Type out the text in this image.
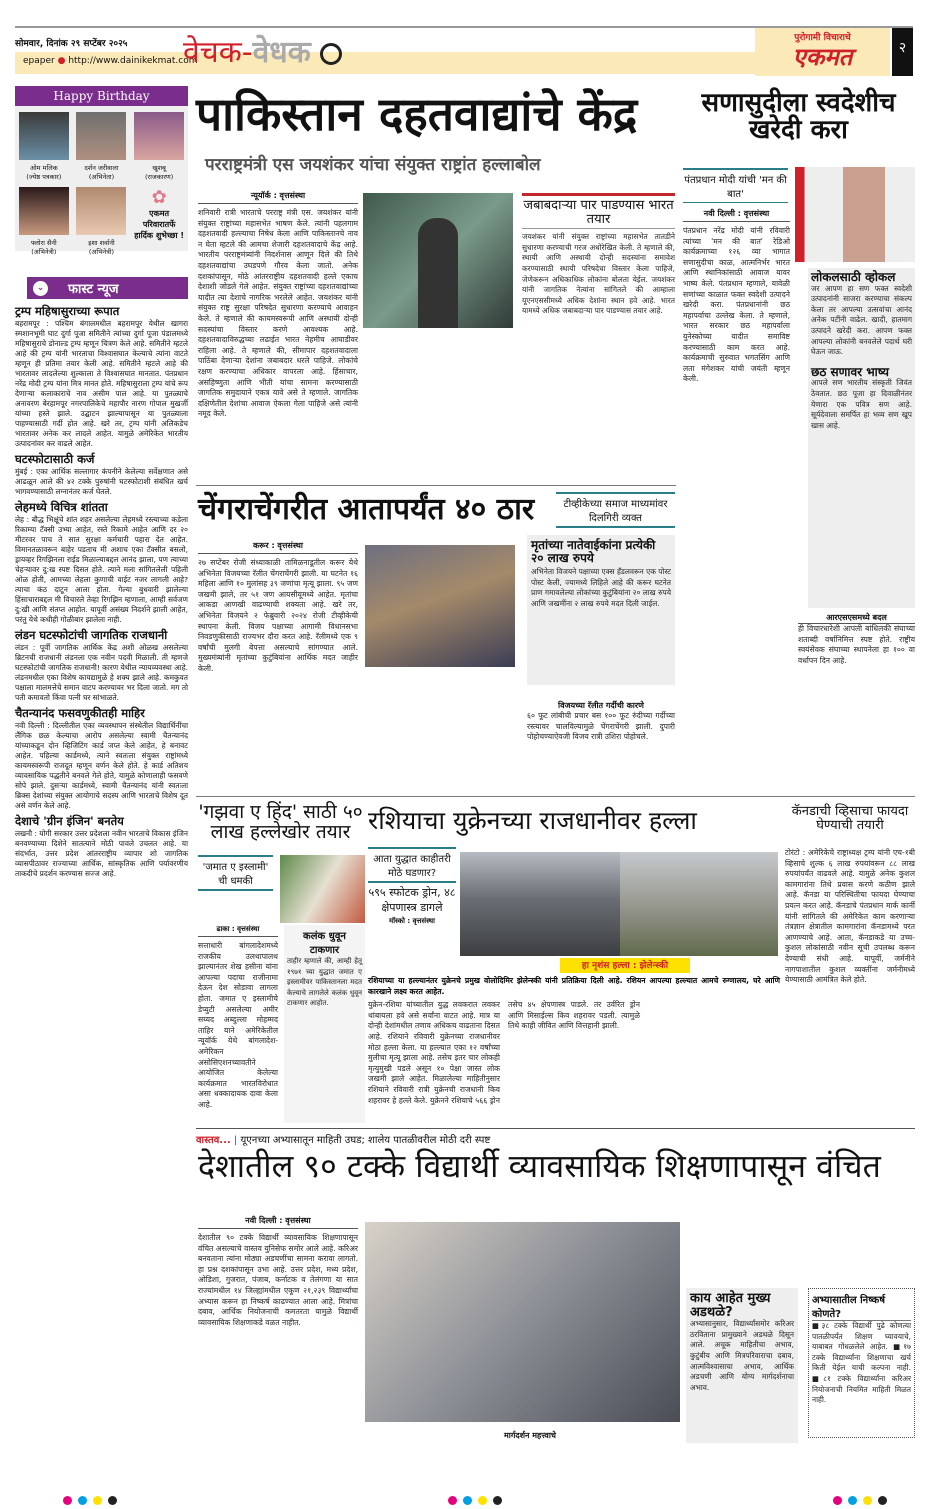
सोमवार, दिनांक २९ सप्टेंबर २०२५
epaper ● http://www.dainikekmat.com
वेचक-वेधक	पुरोगामी विचाराचे
एकमत	२
Happy Birthday
ओम मलिक
(ज्येष्ठ पत्रकार)
दर्शन जरीवाला
(अभिनेता)
खुशबू
(राजकारण)
फ्लोरा सैनी
(अभिनेत्री)
इशा शर्वानी
(अभिनेत्री)
✿
एकमत परिवारातर्फे हार्दिक शुभेच्छा !
⌄ फास्ट न्यूज
ट्रम्प महिषासुराच्या रूपात
बहरामपूर : पश्चिम बंगालमधील बहरामपूर येथील खागरा स्मशानभूमी घाट दुर्गा पूजा समितीने त्यांच्या दुर्गा पूजा पंडालमध्ये महिषासुराचे डोनाल्ड ट्रम्प म्हणून चित्रण केले आहे. समितीने म्हटले आहे की ट्रम्प यांनी भारताचा विश्वासघात केल्याचे त्यांना वाटते म्हणून ही प्रतिमा तयार केली आहे. समितीने म्हटले आहे की भारतावर लादलेल्या शुल्काला ते विश्वासघात मानतात. पंतप्रधान नरेंद्र मोदी ट्रम्प यांना मित्र मानत होते. महिषासुराला ट्रम्प यांचे रूप देणाऱ्या कलाकाराचे नाव असीम पाल आहे. या पुतळ्याचे अनावरण बेरहामपूर नगरपालिकेचे महापौर नारण गोपाल मुखर्जी यांच्या हस्ते झाले. उद्घाटन झाल्यापासून या पुतळ्याला पाहण्यासाठी गर्दी होत आहे. खरे तर, ट्रम्प यांनी अलिकडेच भारतावर अनेक कर लादले आहेत. यामुळे अमेरिकेत भारतीय उत्पादनांवर कर वाढले आहेत.
घटस्फोटासाठी कर्ज
मुंबई : एका आर्थिक सल्लागार कंपनीने केलेल्या सर्वेक्षणात असे आढळून आले की ४२ टक्के पुरुषांनी घटस्फोटाशी संबंधित खर्च भागवण्यासाठी लग्नानंतर कर्ज घेतले.
लेहमध्ये विचित्र शांतता
लेह : बौद्ध भिक्षूंचे शांत शहर असलेल्या लेहमध्ये रस्त्याच्या कडेला रिकाम्या टॅक्सी उभ्या आहेत, रस्ते रिकामे आहेत आणि दर २० मीटरवर पाच ते सात सुरक्षा कर्मचारी पहारा देत आहेत. विमानतळावरून बाहेर पडताच मी अशाच एका टॅक्सीत बसलो, ड्रायव्हर रिगझिनला राईड मिळाल्याबद्दल आनंद झाला, पण त्याच्या चेहऱ्यावर दु:ख स्पष्ट दिसत होते. त्याने मला सांगितलेली पहिली ओळ होती, आमच्या लेहला कुणाची वाईट नजर लागली आहे? त्याचा कंठ दाटून आला होता. गेल्या बुधवारी झालेल्या हिंसाचाराबद्दल मी विचारले तेव्हा रिगझिन म्हणाला, आम्ही सर्वजण दु:खी आणि संतप्त आहोत. यापूर्वी असंख्य निदर्शने झाली आहेत, परंतु येथे कधीही गोळीबार झालेला नाही.
लंडन घटस्फोटांची जागतिक राजधानी
लंडन : पूर्वी जागतिक आर्थिक केंद्र अशी ओळख असलेल्या ब्रिटनची राजधानी लंडनला एक नवीन पदवी मिळाली. ती म्हणजे घटस्फोटांची जागतिक राजधानी! कारण येथील न्यायव्यवस्था आहे. लंडनमधील एका विशेष कायद्यामुळे हे शक्य झाले आहे. कमकुवत पक्षाला मालमत्तेचे समान वाटप करण्यावर भर दिला जातो. मग तो पती कमावतो किंवा पत्नी घर सांभाळते.
चैतन्यानंद फसवणुकीतही माहिर
नवी दिल्ली : दिल्लीतील एका व्यवस्थापन संस्थेतील विद्यार्थिनींचा लैंगिक छळ केल्याचा आरोप असलेल्या स्वामी चैतन्यानंद यांच्याकडून दोन व्हिजिटिंग कार्ड जप्त केले आहेत, हे बनावट आहेत. पहिल्या कार्डमध्ये, त्याने स्वतःला संयुक्त राष्ट्रांमध्ये कायमस्वरूपी राजदूत म्हणून वर्णन केले होते. हे कार्ड अतिशय व्यावसायिक पद्धतीने बनवले गेले होते, यामुळे कोणालाही फसवणे सोपे झाले. दुसऱ्या कार्डमध्ये, स्वामी चैतन्यानंद यांनी स्वतःला ब्रिक्स देशांच्या संयुक्त आयोगाचे सदस्य आणि भारताचे विशेष दूत असे वर्णन केले आहे.
देशाचे 'ग्रीन इंजिन' बनतेय
लखनौ : योगी सरकार उत्तर प्रदेशला नवीन भारताचे विकास इंजिन बनवण्याच्या दिशेने सातत्याने मोठी पावले उचलत आहे. या संदर्भात, उत्तर प्रदेश आंतरराष्ट्रीय व्यापार शो जागतिक व्यासपीठावर राज्याच्या आर्थिक, सांस्कृतिक आणि पर्यावरणीय ताकदीचे प्रदर्शन करण्यास सज्ज आहे.
पाकिस्तान दहतवाद्यांचे केंद्र
परराष्ट्रमंत्री एस जयशंकर यांचा संयुक्त राष्ट्रांत हल्लाबोल
न्यूयॉर्क : वृत्तसंस्था
शनिवारी रात्री भारताचे परराष्ट्र मंत्री एस. जयशंकर यांनी संयुक्त राष्ट्रांच्या महासभेत भाषण केले. त्यांनी पहलगाम दहशतवादी हल्ल्याचा निषेध केला आणि पाकिस्तानचे नाव न घेता म्हटले की आमचा शेजारी दहशतवादाचे केंद्र आहे. भारतीय परराष्ट्रमंत्र्यांनी निदर्शनास आणून दिले की तिथे दहशतवाद्यांचा उघडपणे गौरव केला जातो. अनेक दशकांपासून, मोठे आंतरराष्ट्रीय दहशतवादी हल्ले एकाच देशाशी जोडले गेले आहेत. संयुक्त राष्ट्रांच्या दहशतवाद्यांच्या यादीत त्या देशाचे नागरिक भरलेले आहेत. जयशंकर यांनी संयुक्त राष्ट्र सुरक्षा परिषदेत सुधारणा करण्याचे आवाहन केले. ते म्हणाले की कायमस्वरूपी आणि अस्थायी दोन्ही सदस्यांचा विस्तार करणे आवश्यक आहे. दहशतवादाविरुद्धच्या लढाईत भारत नेहमीच आघाडीवर राहिला आहे. ते म्हणाले की, सीमापार दहशतवादाला पाठिंबा देणाऱ्या देशांना जबाबदार धरले पाहिजे. लोकांचे रक्षण करण्याचा अधिकार वापरला आहे. हिंसाचार, असहिष्णुता आणि भीती यांचा सामना करण्यासाठी जागतिक समुदायाने एकत्र यावे असे ते म्हणाले. जागतिक दक्षिणेतील देशांचा आवाज ऐकला गेला पाहिजे असे त्यांनी नमूद केले.
जबाबदाऱ्या पार पाडण्यास भारत तयार
जयशंकर यांनी संयुक्त राष्ट्रांच्या महासभेत तातडीने सुधारणा करण्याची गरज अधोरेखित केली. ते म्हणाले की, स्थायी आणि अस्थायी दोन्ही सदस्यांना समावेश करण्यासाठी स्थायी परिषदेचा विस्तार केला पाहिजे, जेणेकरून अधिकाधिक लोकांना बोलता येईल. जयशंकर यांनी जागतिक नेत्यांना सांगितले की आम्हाला यूएनएससीमध्ये अधिक देशांना स्थान हवे आहे. भारत यामध्ये अधिक जबाबदाऱ्या पार पाडण्यास तयार आहे.
सणासुदीला स्वदेशीच खरेदी करा
पंतप्रधान मोदी यांची 'मन की बात'
नवी दिल्ली : वृत्तसंस्था
पंतप्रधान नरेंद्र मोदी यांनी रविवारी त्यांच्या 'मन की बात' रेडिओ कार्यक्रमाच्या १२६ व्या भागात सणासुदीचा काळ, आत्मनिर्भर भारत आणि स्थानिकांसाठी आवाज यावर भाष्य केले. पंतप्रधान म्हणाले, यावेळी सणांच्या काळात फक्त स्वदेशी उत्पादने खरेदी करा. पंतप्रधानांनी छठ महापर्वाचा उल्लेख केला. ते म्हणाले, भारत सरकार छठ महापर्वाला युनेस्कोच्या यादीत समाविष्ट करण्यासाठी काम करत आहे. कार्यक्रमाची सुरुवात भगतसिंग आणि लता मंगेशकर यांची जयंती म्हणून केली.
लोकलसाठी व्होकल
जर आपण हा सण फक्त स्वदेशी उत्पादनांनी साजरा करण्याचा संकल्प केला तर आपल्या उत्सवांचा आनंद अनेक पटींनी वाढेल. खादी, हातमाग उत्पादने खरेदी करा. आपण फक्त आपल्या लोकांनी बनवलेले पदार्थ घरी घेऊन जाऊ.
छठ सणावर भाष्य
आपले सण भारतीय संस्कृती जिवंत ठेवतात. छठ पूजा हा दिवाळीनंतर येणारा एक पवित्र सण आहे. सूर्यदेवाला समर्पित हा भव्य सण खूप खास आहे.
आरएसएसमध्ये बदल
ही विचारधारेशी आपली बांधिलकी संघाच्या शताब्दी वर्षानिमित्त स्पष्ट होते. राष्ट्रीय स्वयंसेवक संघाच्या स्थापनेला हा १०० वा वर्धापन दिन आहे.
चेंगराचेंगरीत आतापर्यंत ४० ठार	टीव्हीकेच्या समाज माध्यमांवर दिलगिरी व्यक्त
करूर : वृत्तसंस्था
२७ सप्टेंबर रोजी संध्याकाळी तामिळनाडूतील करूर येथे अभिनेता विजयच्या रॅलीत चेंगराचेंगरी झाली. या घटनेत १६ महिला आणि १० मुलांसह ३९ जणांचा मृत्यू झाला. ९५ जण जखमी झाले, तर ५१ जण आयसीयूमध्ये आहेत. मृतांचा आकडा आणखी वाढण्याची शक्यता आहे. खरे तर, अभिनेता विजयने २ फेब्रुवारी २०२४ रोजी टीव्हीकेची स्थापना केली. विजय पक्षाच्या आगामी विधानसभा निवडणुकीसाठी राज्यभर दौरा करत आहे. रॅलीमध्ये एक ९ वर्षांची मुलगी बेपत्ता असल्याचे सांगण्यात आले. मुख्यमंत्र्यांनी मृतांच्या कुटुंबियांना आर्थिक मदत जाहीर केली.
मृतांच्या नातेवाईकांना प्रत्येकी २० लाख रुपये
अभिनेता विजयने पक्षाच्या एक्स हँडलवरून एक पोस्ट पोस्ट केली, ज्यामध्ये लिहिले आहे की करूर घटनेत प्राण गमावलेल्या लोकांच्या कुटुंबियांना २० लाख रुपये आणि जखमींना २ लाख रुपये मदत दिली जाईल.
विजयच्या रॅलीत गर्दीची कारणे
६० फूट लांबीची प्रचार बस १०० फूट रुंदीच्या गर्दीच्या रस्त्यावर चालविल्यामुळे चेंगराचेंगरी झाली. दुपारी पोहोचण्याऐवजी विजय रात्री उशिरा पोहोचले.
'गझवा ए हिंद' साठी ५० लाख हल्लेखोर तयार
'जमात ए इस्लामी' ची धमकी
ढाका : वृत्तसंस्था
सत्ताधारी बांगलादेशमध्ये राजकीय उलथापालथ झाल्यानंतर शेख हसीना यांना आपल्या पदाचा राजीनामा देऊन देश सोडावा लागला होता. जमात ए इस्लामीचे डेप्युटी असलेल्या अमीर सय्यद अब्दुल्ला मोहम्मद ताहिर याने अमेरिकेतील न्यूयॉर्क येथे बांगलादेश-अमेरिकन असोसिएशनच्यावतीने आयोजित केलेल्या कार्यक्रमात भारतविरोधात असा धक्कादायक दावा केला आहे.
कलंक धुवून टाकणार
ताहीर म्हणाले की, आम्ही हेतू १९७१ च्या युद्धात जमात ए इस्लामीवर पाकिस्तानला मदत केल्याचे लागलेले कलंक धुवून टाकणार आहोत.
रशियाचा युक्रेनच्या राजधानीवर हल्ला
आता युद्धात काहीतरी मोठे घडणार?
५९५ स्फोटक ड्रोन, ४८ क्षेपणास्त्र डागले
मॉस्को : वृत्तसंस्था
हा नृशंस हल्ला : झेलेन्स्की
रशियाच्या या हल्ल्यानंतर युक्रेनचे प्रमुख वोलोदिमिर झेलेन्स्की यांनी प्रतिक्रिया दिली आहे. रशियन आपल्या हल्ल्यात आमचे रुग्णालय, घरे आणि कारखाने लक्ष्य करत आहेत.
युक्रेन-रशिया यांच्यातील युद्ध लवकरात लवकर थांबायला हवे असे सर्वांना वाटत आहे. मात्र या दोन्ही देशांमधील तणाव अधिकच वाढताना दिसत आहे. रशियाने रविवारी युक्रेनच्या राजधानीवर मोठा हल्ला केला. या हल्ल्यात एका १२ वर्षांच्या मुलीचा मृत्यू झाला आहे. तसेच इतर चार लोकही मृत्युमुखी पडले असून १० पेक्षा जास्त लोक जखमी झाले आहेत. मिळालेल्या माहितीनुसार रशियाने रविवारी रात्री युक्रेनची राजधानी किव शहरावर हे हल्ले केले. युक्रेनने रशियाचे ५६६ ड्रोन तसेच ४५ क्षेपणास्त्र पाडले. तर उर्वरित ड्रोन आणि मिसाईल्स किव शहरावर पडली. त्यामुळे तिथे काही जीवित आणि वित्तहानी झाली.
कॅनडाची व्हिसाचा फायदा घेण्याची तयारी
टोरंटो : अमेरिकेचे राष्ट्राध्यक्ष ट्रम्प यांनी एच-१बी व्हिसाचे शुल्क ६ लाख रुपयांवरून ८८ लाख रुपयांपर्यंत वाढवले आहे. यामुळे अनेक कुशल कामगारांना तिथे प्रवास करणे कठीण झाले आहे. कॅनडा या परिस्थितीचा फायदा घेण्याचा प्रयत्न करत आहे. कॅनडाचे पंतप्रधान मार्क कार्नी यांनी सांगितले की अमेरिकेत काम करणाऱ्या तंत्रज्ञान क्षेत्रातील कामगारांना कॅनडामध्ये परत आणण्याचे आहे. आता, कॅनडाकडे या उच्च-कुशल लोकांसाठी नवीन सूची उपलब्ध करून देण्याची संधी आहे. यापूर्वी, जर्मनीने नागपाशातील कुशल व्यक्तींना जर्मनीमध्ये येण्यासाठी आमंत्रित केले होते.
वास्तव... | यूएनच्या अभ्यासातून माहिती उघड; शालेय पातळीवरील मोठी दरी स्पष्ट
देशातील ९० टक्के विद्यार्थी व्यावसायिक शिक्षणापासून वंचित
नवी दिल्ली : वृत्तसंस्था
देशातील ९० टक्के विद्यार्थी व्यावसायिक शिक्षणापासून वंचित असल्याचे वास्तव युनिसेफ समोर आले आहे. करिअर बनवताना त्यांना मोठ्या अडचणींचा सामना करावा लागतो. हा प्रश्न दशकांपासून उभा आहे. उत्तर प्रदेश, मध्य प्रदेश, ओडिशा, गुजरात, पंजाब, कर्नाटक व तेलंगणा या सात राज्यांमधील १४ जिल्ह्यांमधील एकूण २१,२३९ विद्यार्थ्यांचा अभ्यास करून हा निष्कर्ष काढण्यात आला आहे. मित्रांचा दबाव, आर्थिक नियोजनाची कमतरता यामुळे विद्यार्थी व्यावसायिक शिक्षणाकडे वळत नाहीत.
मार्गदर्शन महत्त्वाचे
काय आहेत मुख्य अडथळे?
अभ्यासानुसार, विद्यार्थ्यांसमोर करिअर ठरविताना प्रामुख्याने अडथळे दिसून आले. अचूक माहितीचा अभाव, कुटुंबीय आणि मित्रपरिवाराचा दबाव, आत्मविश्वासाचा अभाव, आर्थिक अडचणी आणि योग्य मार्गदर्शनाचा अभाव.
अभ्यासातील निष्कर्ष कोणते?
■३८ टक्के विद्यार्थी पुढे कोणत्या पातळीपर्यंत शिक्षण घ्यावयाचे, याबाबत गोंधळलेले आहेत. ■१७ टक्के विद्यार्थ्यांना शिक्षणाचा खर्च किती येईल याची कल्पना नाही. ■८१ टक्के विद्यार्थ्यांना करिअर नियोजनाची नियमित माहिती मिळत नाही.
